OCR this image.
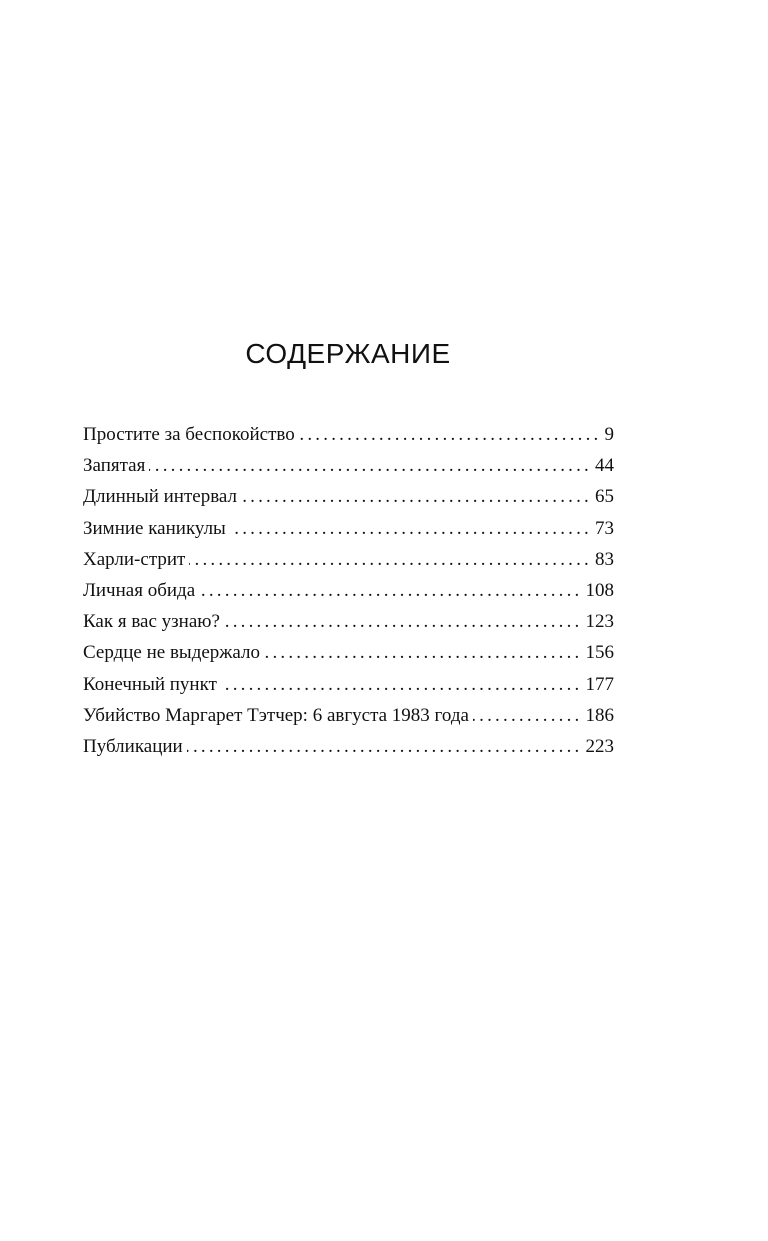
СОДЕРЖАНИЕ
Простите за беспокойство .....	9
Запятая .....	44
Длинный интервал .....	65
Зимние каникулы .....	73
Харли-стрит .....	83
Личная обида .....	108
Как я вас узнаю? .....	123
Сердце не выдержало .....	156
Конечный пункт .....	177
Убийство Маргарет Тэтчер: 6 августа 1983 года .....	186
Публикации .....	223
